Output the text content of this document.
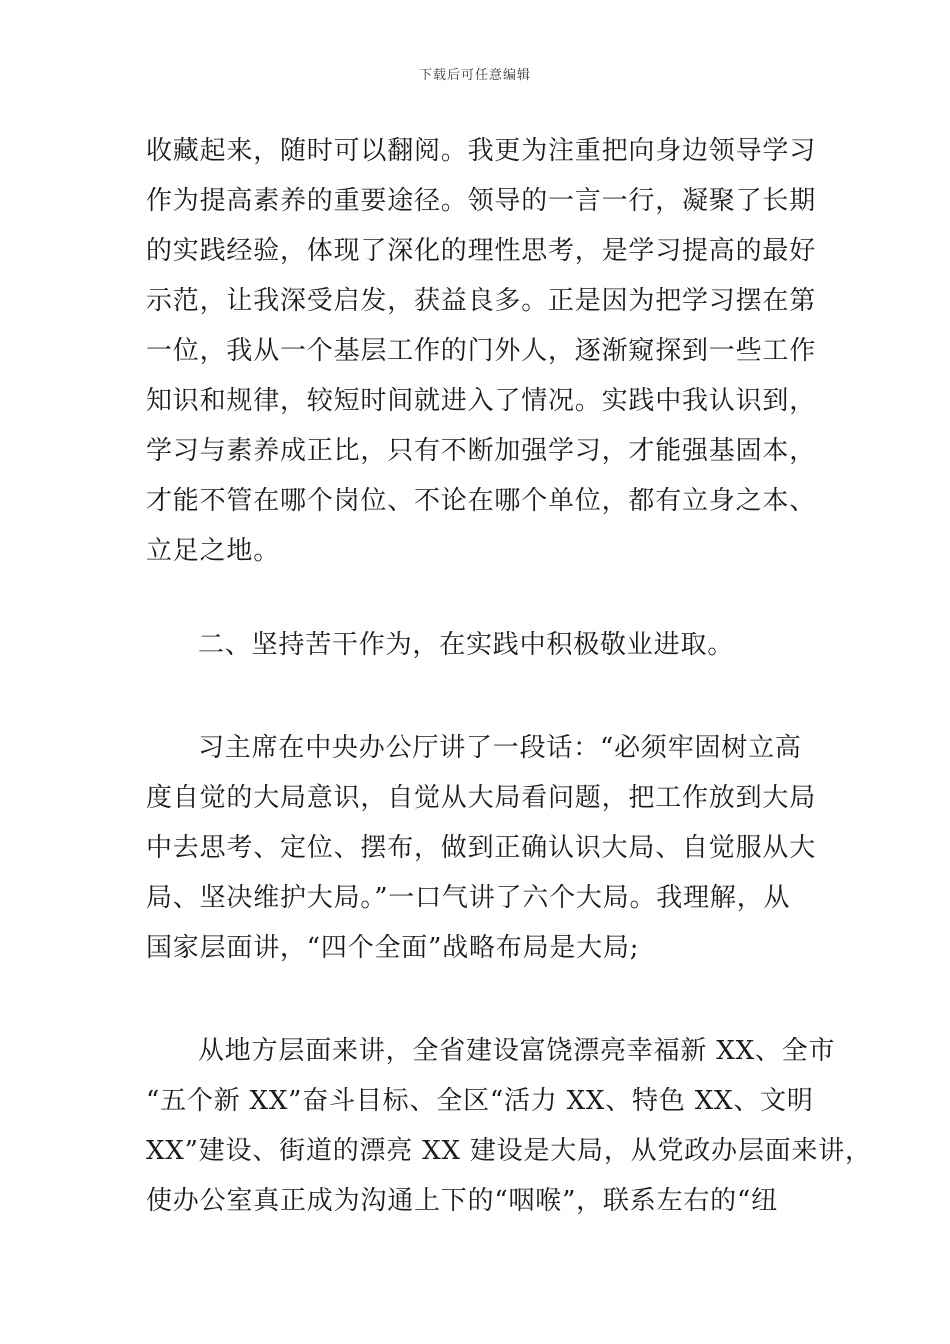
下载后可任意编辑
收藏起来，随时可以翻阅。我更为注重把向身边领导学习
作为提高素养的重要途径。领导的一言一行，凝聚了长期
的实践经验，体现了深化的理性思考，是学习提高的最好
示范，让我深受启发，获益良多。正是因为把学习摆在第
一位，我从一个基层工作的门外人，逐渐窥探到一些工作
知识和规律，较短时间就进入了情况。实践中我认识到，
学习与素养成正比，只有不断加强学习，才能强基固本，
才能不管在哪个岗位、不论在哪个单位，都有立身之本、
立足之地。
二、坚持苦干作为，在实践中积极敬业进取。
习主席在中央办公厅讲了一段话：“必须牢固树立高
度自觉的大局意识，自觉从大局看问题，把工作放到大局
中去思考、定位、摆布，做到正确认识大局、自觉服从大
局、坚决维护大局。”一口气讲了六个大局。我理解，从
国家层面讲，“四个全面”战略布局是大局;
从地方层面来讲，全省建设富饶漂亮幸福新 XX、全市
“五个新 XX”奋斗目标、全区“活力 XX、特色 XX、文明
XX”建设、街道的漂亮 XX 建设是大局，从党政办层面来讲，
使办公室真正成为沟通上下的“咽喉”，联系左右的“纽
